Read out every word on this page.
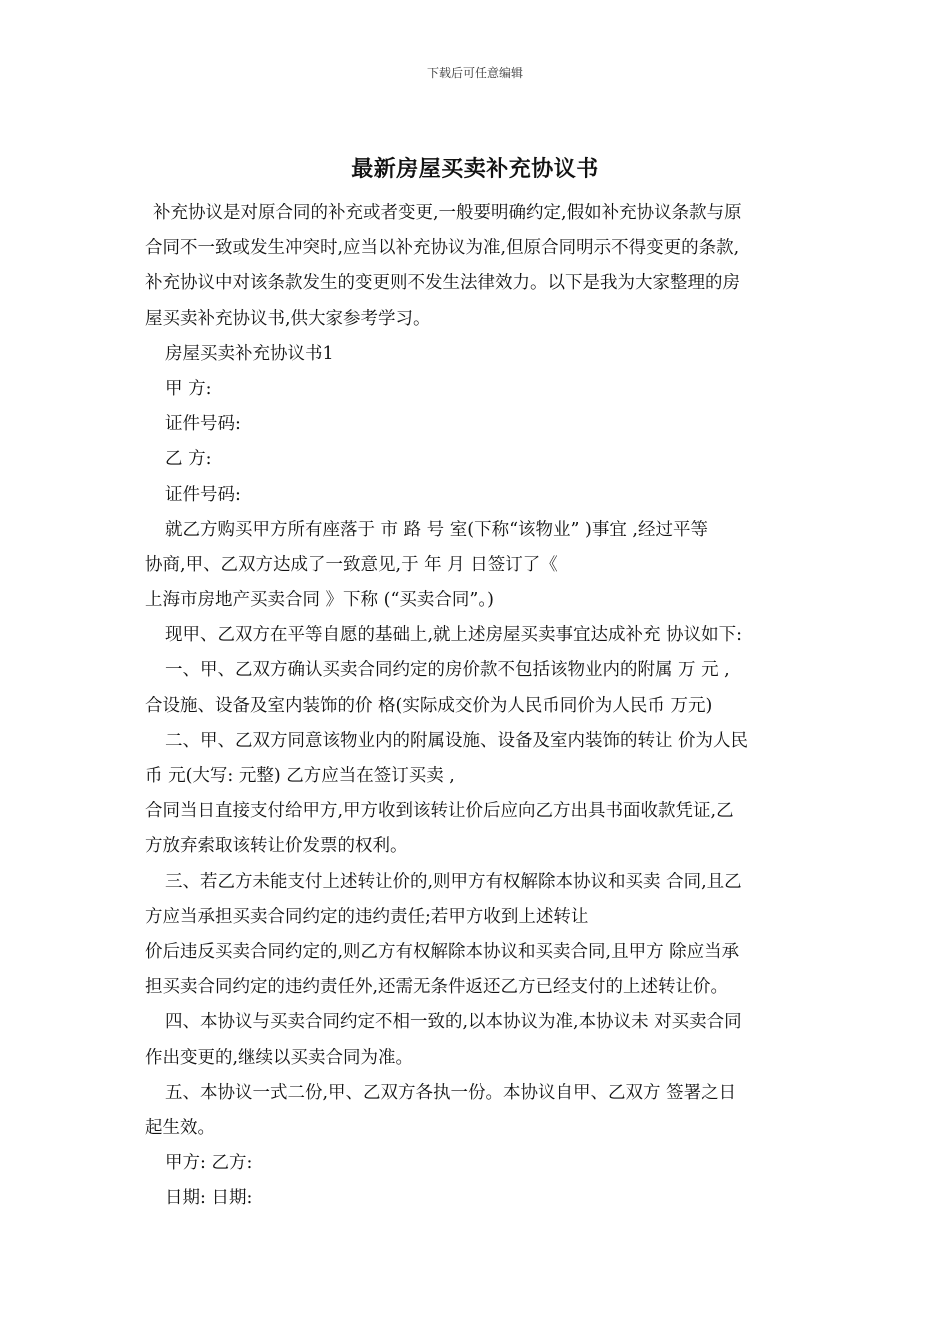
下载后可任意编辑
最新房屋买卖补充协议书
补充协议是对原合同的补充或者变更,一般要明确约定,假如补充协议条款与原
合同不一致或发生冲突时,应当以补充协议为准,但原合同明示不得变更的条款,
补充协议中对该条款发生的变更则不发生法律效力。以下是我为大家整理的房
屋买卖补充协议书,供大家参考学习。
房屋买卖补充协议书1
甲 方:
证件号码:
乙 方:
证件号码:
就乙方购买甲方所有座落于 市 路 号 室(下称“该物业” )事宜 ,经过平等
协商,甲、乙双方达成了一致意见,于 年 月 日签订了《
上海市房地产买卖合同 》下称 (“买卖合同”。)
现甲、乙双方在平等自愿的基础上,就上述房屋买卖事宜达成补充 协议如下:
一、甲、乙双方确认买卖合同约定的房价款不包括该物业内的附属 万 元 ,
合设施、设备及室内装饰的价 格(实际成交价为人民币同价为人民币 万元)
二、甲、乙双方同意该物业内的附属设施、设备及室内装饰的转让 价为人民
币 元(大写: 元整) 乙方应当在签订买卖 ,
合同当日直接支付给甲方,甲方收到该转让价后应向乙方出具书面收款凭证,乙
方放弃索取该转让价发票的权利。
三、若乙方未能支付上述转让价的,则甲方有权解除本协议和买卖 合同,且乙
方应当承担买卖合同约定的违约责任;若甲方收到上述转让
价后违反买卖合同约定的,则乙方有权解除本协议和买卖合同,且甲方 除应当承
担买卖合同约定的违约责任外,还需无条件返还乙方已经支付的上述转让价。
四、本协议与买卖合同约定不相一致的,以本协议为准,本协议未 对买卖合同
作出变更的,继续以买卖合同为准。
五、本协议一式二份,甲、乙双方各执一份。本协议自甲、乙双方 签署之日
起生效。
甲方: 乙方:
日期: 日期:
